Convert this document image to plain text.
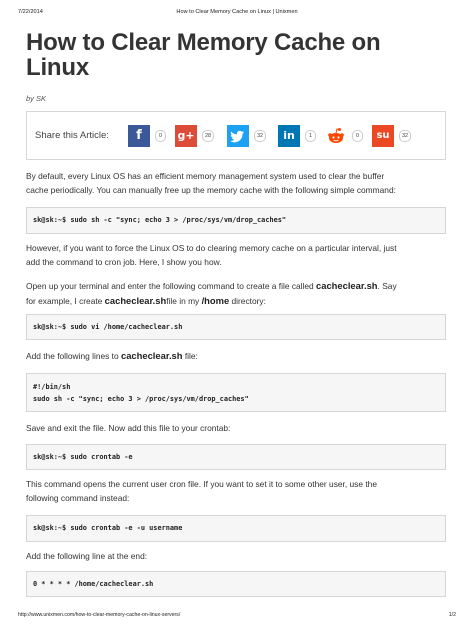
7/22/2014	How to Clear Memory Cache on Linux | Unixmen
How to Clear Memory Cache on
Linux
by SK
Share this Article:	f	0	g+	28	32	in	1	0	su	32
By default, every Linux OS has an efficient memory management system used to clear the buffer
cache periodically. You can manually free up the memory cache with the following simple command:
sk@sk:~$ sudo sh -c "sync; echo 3 > /proc/sys/vm/drop_caches"
However, if you want to force the Linux OS to do clearing memory cache on a particular interval, just
add the command to cron job. Here, I show you how.
Open up your terminal and enter the following command to create a file called cacheclear.sh. Say
for example, I create cacheclear.shfile in my /home directory:
sk@sk:~$ sudo vi /home/cacheclear.sh
Add the following lines to cacheclear.sh file:
#!/bin/sh
sudo sh -c "sync; echo 3 > /proc/sys/vm/drop_caches"
Save and exit the file. Now add this file to your crontab:
sk@sk:~$ sudo crontab -e
This command opens the current user cron file. If you want to set it to some other user, use the
following command instead:
sk@sk:~$ sudo crontab -e -u username
Add the following line at the end:
0 * * * * /home/cacheclear.sh
http://www.unixmen.com/how-to-clear-memory-cache-on-linux-servers/	1/2
